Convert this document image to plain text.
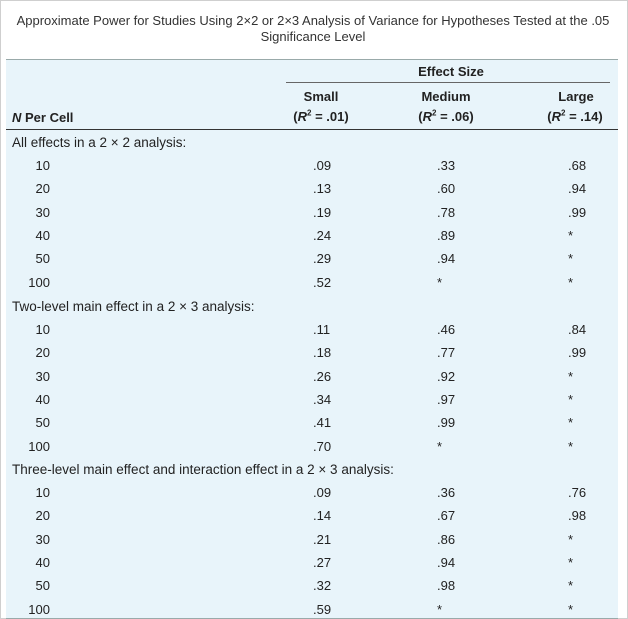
Approximate Power for Studies Using 2×2 or 2×3 Analysis of Variance for Hypotheses Tested at the .05 Significance Level
Effect Size
Small	Medium	Large
$(R^2 = .01)$	$(R^2 = .06)$	$(R^2 = .14)$
N Per Cell
All effects in a 2 × 2 analysis:
10	.09	.33	.68
20	.13	.60	.94
30	.19	.78	.99
40	.24	.89	*
50	.29	.94	*
100	.52	*	*
Two-level main effect in a 2 × 3 analysis:
10	.11	.46	.84
20	.18	.77	.99
30	.26	.92	*
40	.34	.97	*
50	.41	.99	*
100	.70	*	*
Three-level main effect and interaction effect in a 2 × 3 analysis:
10	.09	.36	.76
20	.14	.67	.98
30	.21	.86	*
40	.27	.94	*
50	.32	.98	*
100	.59	*	*
